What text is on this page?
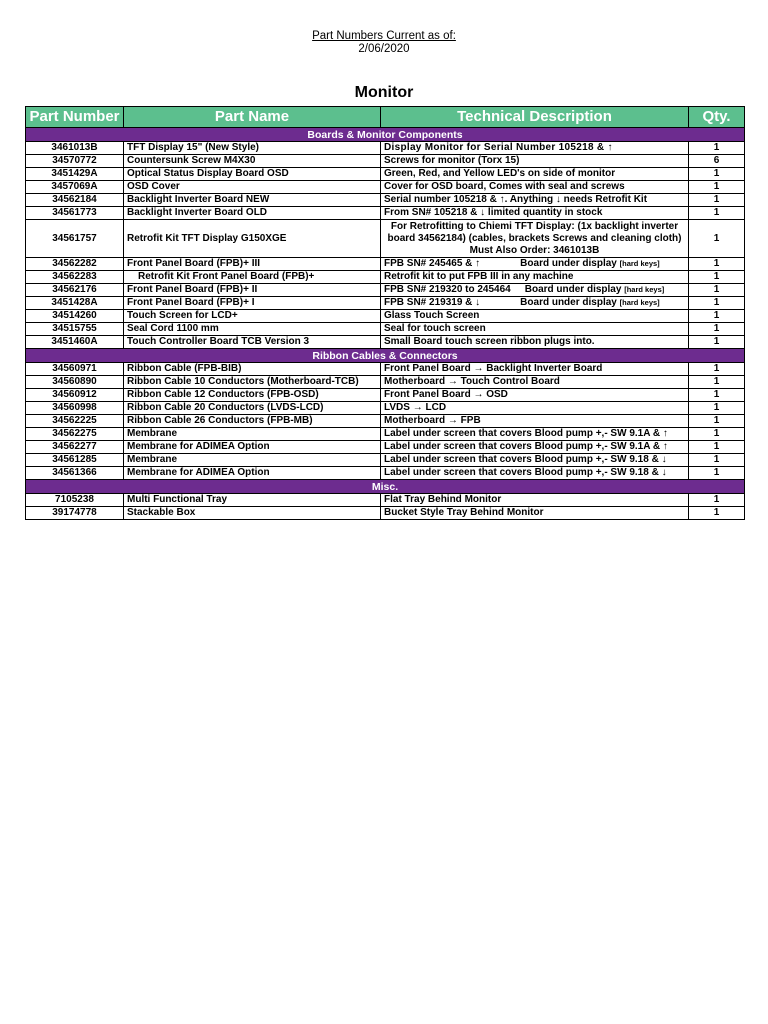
Part Numbers Current as of:
2/06/2020
Monitor
Part Number	Part Name	Technical Description	Qty.
Boards & Monitor Components			
3461013B	TFT Display 15" (New Style)	Display Monitor for Serial Number 105218 & ↑	1
34570772	Countersunk Screw M4X30	Screws for monitor (Torx 15)	6
3451429A	Optical Status Display Board OSD	Green, Red, and Yellow LED's on side of monitor	1
3457069A	OSD Cover	Cover for OSD board, Comes with seal and screws	1
34562184	Backlight Inverter Board NEW	Serial number 105218 & ↑. Anything ↓ needs Retrofit Kit	1
34561773	Backlight Inverter Board OLD	From SN# 105218 & ↓ limited quantity in stock	1
34561757	Retrofit Kit TFT Display G150XGE	For Retrofitting to Chiemi TFT Display: (1x backlight inverter
board 34562184) (cables, brackets Screws and cleaning cloth)
Must Also Order: 3461013B	1
34562282	Front Panel Board (FPB)+ III	FPB SN# 245465 & ↑ Board under display [hard keys]	1
34562283	Retrofit Kit Front Panel Board (FPB)+	Retrofit kit to put FPB III in any machine	1
34562176	Front Panel Board (FPB)+ II	FPB SN# 219320 to 245464 Board under display [hard keys]	1
3451428A	Front Panel Board (FPB)+ I	FPB SN# 219319 & ↓ Board under display [hard keys]	1
34514260	Touch Screen for LCD+	Glass Touch Screen	1
34515755	Seal Cord 1100 mm	Seal for touch screen	1
3451460A	Touch Controller Board TCB Version 3	Small Board touch screen ribbon plugs into.	1
Ribbon Cables & Connectors			
34560971	Ribbon Cable (FPB-BIB)	Front Panel Board → Backlight Inverter Board	1
34560890	Ribbon Cable 10 Conductors (Motherboard-TCB)	Motherboard → Touch Control Board	1
34560912	Ribbon Cable 12 Conductors (FPB-OSD)	Front Panel Board → OSD	1
34560998	Ribbon Cable 20 Conductors (LVDS-LCD)	LVDS → LCD	1
34562225	Ribbon Cable 26 Conductors (FPB-MB)	Motherboard → FPB	1
34562275	Membrane	Label under screen that covers Blood pump +,- SW 9.1A & ↑	1
34562277	Membrane for ADIMEA Option	Label under screen that covers Blood pump +,- SW 9.1A & ↑	1
34561285	Membrane	Label under screen that covers Blood pump +,- SW 9.18 & ↓	1
34561366	Membrane for ADIMEA Option	Label under screen that covers Blood pump +,- SW 9.18 & ↓	1
Misc.			
7105238	Multi Functional Tray	Flat Tray Behind Monitor	1
39174778	Stackable Box	Bucket Style Tray Behind Monitor	1
